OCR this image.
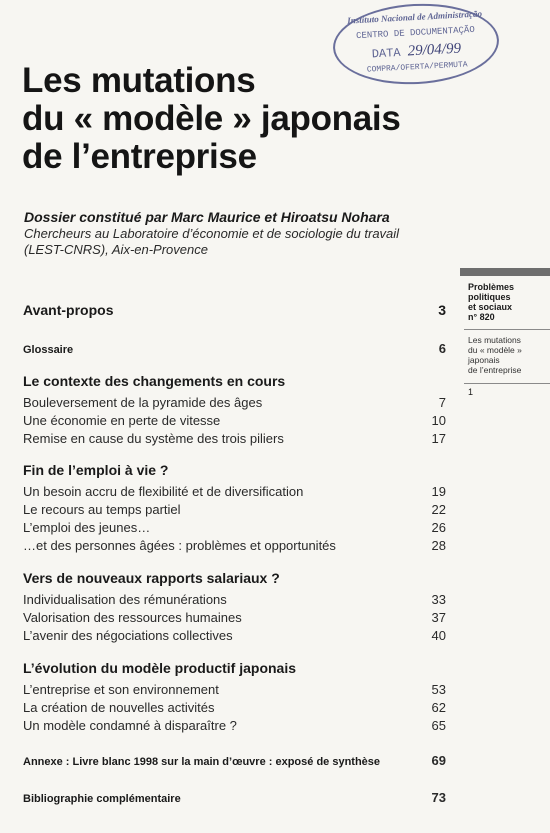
Instituto Nacional de Administração
CENTRO DE DOCUMENTAÇÃO
DATA 29/04/99
COMPRA/OFERTA/PERMUTA
Les mutations
du « modèle » japonais
de l’entreprise
Dossier constitué par Marc Maurice et Hiroatsu Nohara
Chercheurs au Laboratoire d’économie et de sociologie du travail
(LEST-CNRS), Aix-en-Provence
Problèmes
politiques
et sociaux
n° 820
Les mutations
du « modèle »
japonais
de l’entreprise
1
Avant-propos	3
Glossaire	6
Le contexte des changements en cours
Bouleversement de la pyramide des âges	7
Une économie en perte de vitesse	10
Remise en cause du système des trois piliers	17
Fin de l’emploi à vie ?
Un besoin accru de flexibilité et de diversification	19
Le recours au temps partiel	22
L’emploi des jeunes…	26
…et des personnes âgées : problèmes et opportunités	28
Vers de nouveaux rapports salariaux ?
Individualisation des rémunérations	33
Valorisation des ressources humaines	37
L’avenir des négociations collectives	40
L’évolution du modèle productif japonais
L’entreprise et son environnement	53
La création de nouvelles activités	62
Un modèle condamné à disparaître ?	65
Annexe : Livre blanc 1998 sur la main d’œuvre : exposé de synthèse	69
Bibliographie complémentaire	73
